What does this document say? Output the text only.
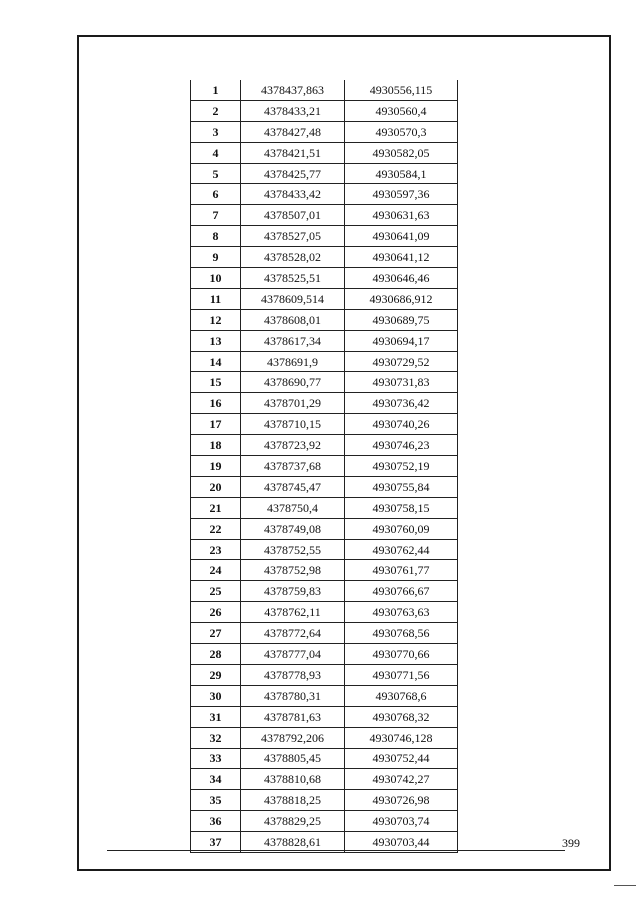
1	4378437,863	4930556,115
2	4378433,21	4930560,4
3	4378427,48	4930570,3
4	4378421,51	4930582,05
5	4378425,77	4930584,1
6	4378433,42	4930597,36
7	4378507,01	4930631,63
8	4378527,05	4930641,09
9	4378528,02	4930641,12
10	4378525,51	4930646,46
11	4378609,514	4930686,912
12	4378608,01	4930689,75
13	4378617,34	4930694,17
14	4378691,9	4930729,52
15	4378690,77	4930731,83
16	4378701,29	4930736,42
17	4378710,15	4930740,26
18	4378723,92	4930746,23
19	4378737,68	4930752,19
20	4378745,47	4930755,84
21	4378750,4	4930758,15
22	4378749,08	4930760,09
23	4378752,55	4930762,44
24	4378752,98	4930761,77
25	4378759,83	4930766,67
26	4378762,11	4930763,63
27	4378772,64	4930768,56
28	4378777,04	4930770,66
29	4378778,93	4930771,56
30	4378780,31	4930768,6
31	4378781,63	4930768,32
32	4378792,206	4930746,128
33	4378805,45	4930752,44
34	4378810,68	4930742,27
35	4378818,25	4930726,98
36	4378829,25	4930703,74
37	4378828,61	4930703,44	399
